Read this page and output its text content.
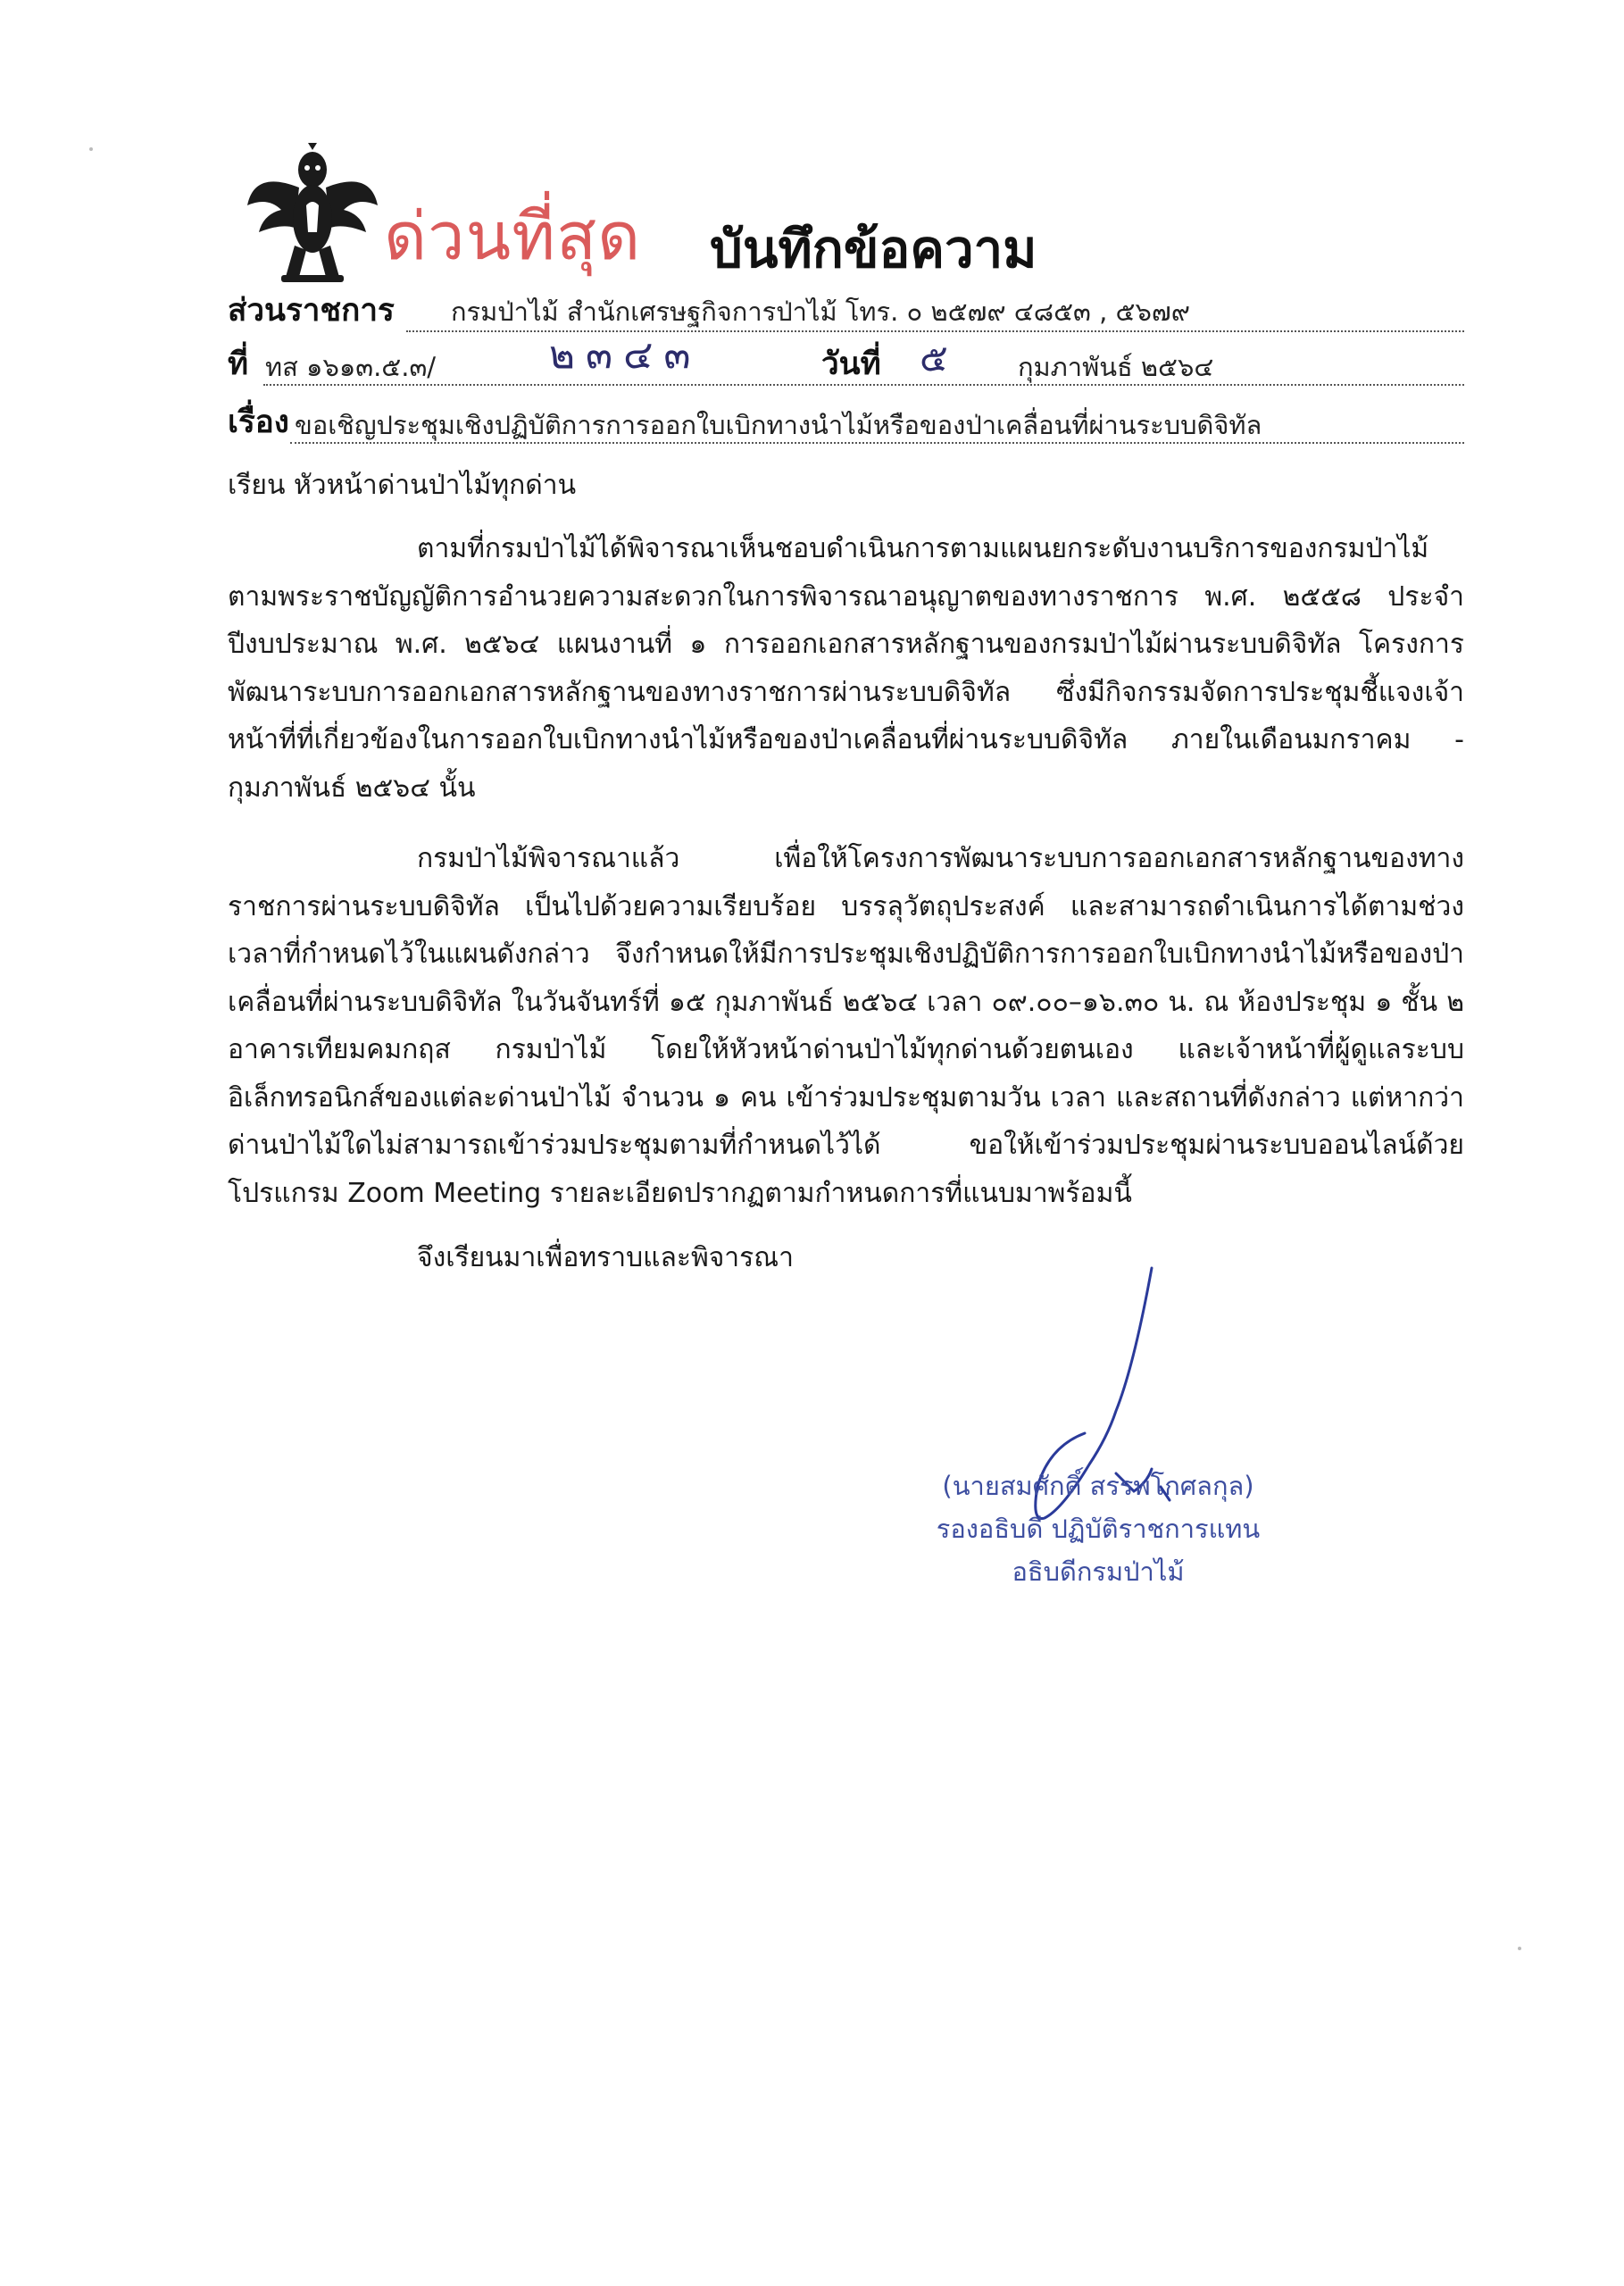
ด่วนที่สุด บันทึกข้อความ
ส่วนราชการ กรมป่าไม้ สำนักเศรษฐกิจการป่าไม้ โทร. ๐ ๒๕๗๙ ๔๘๕๓ , ๕๖๗๙
ที่ ทส ๑๖๑๓.๕.๓/	๒๓๔๓	วันที่ ๕	กุมภาพันธ์ ๒๕๖๔
เรื่อง ขอเชิญประชุมเชิงปฏิบัติการการออกใบเบิกทางนำไม้หรือของป่าเคลื่อนที่ผ่านระบบดิจิทัล
เรียน หัวหน้าด่านป่าไม้ทุกด่าน

ตามที่กรมป่าไม้ได้พิจารณาเห็นชอบดำเนินการตามแผนยกระดับงานบริการของกรมป่าไม้ตามพระราชบัญญัติการอำนวยความสะดวกในการพิจารณาอนุญาตของทางราชการ พ.ศ. ๒๕๕๘ ประจำปีงบประมาณ พ.ศ. ๒๕๖๔ แผนงานที่ ๑ การออกเอกสารหลักฐานของกรมป่าไม้ผ่านระบบดิจิทัล โครงการพัฒนาระบบการออกเอกสารหลักฐานของทางราชการผ่านระบบดิจิทัล ซึ่งมีกิจกรรมจัดการประชุมชี้แจงเจ้าหน้าที่ที่เกี่ยวข้องในการออกใบเบิกทางนำไม้หรือของป่าเคลื่อนที่ผ่านระบบดิจิทัล ภายในเดือนมกราคม - กุมภาพันธ์ ๒๕๖๔ นั้น

กรมป่าไม้พิจารณาแล้ว เพื่อให้โครงการพัฒนาระบบการออกเอกสารหลักฐานของทางราชการผ่านระบบดิจิทัล เป็นไปด้วยความเรียบร้อย บรรลุวัตถุประสงค์ และสามารถดำเนินการได้ตามช่วงเวลาที่กำหนดไว้ในแผนดังกล่าว จึงกำหนดให้มีการประชุมเชิงปฏิบัติการการออกใบเบิกทางนำไม้หรือของป่าเคลื่อนที่ผ่านระบบดิจิทัล ในวันจันทร์ที่ ๑๕ กุมภาพันธ์ ๒๕๖๔ เวลา ๐๙.๐๐–๑๖.๓๐ น. ณ ห้องประชุม ๑ ชั้น ๒ อาคารเทียมคมกฤส กรมป่าไม้ โดยให้หัวหน้าด่านป่าไม้ทุกด่านด้วยตนเอง และเจ้าหน้าที่ผู้ดูแลระบบอิเล็กทรอนิกส์ของแต่ละด่านป่าไม้ จำนวน ๑ คน เข้าร่วมประชุมตามวัน เวลา และสถานที่ดังกล่าว แต่หากว่าด่านป่าไม้ใดไม่สามารถเข้าร่วมประชุมตามที่กำหนดไว้ได้ ขอให้เข้าร่วมประชุมผ่านระบบออนไลน์ด้วยโปรแกรม Zoom Meeting รายละเอียดปรากฏตามกำหนดการที่แนบมาพร้อมนี้

จึงเรียนมาเพื่อทราบและพิจารณา
(นายสมศักดิ์ สรรพโกศลกุล)
รองอธิบดี ปฏิบัติราชการแทน
อธิบดีกรมป่าไม้
